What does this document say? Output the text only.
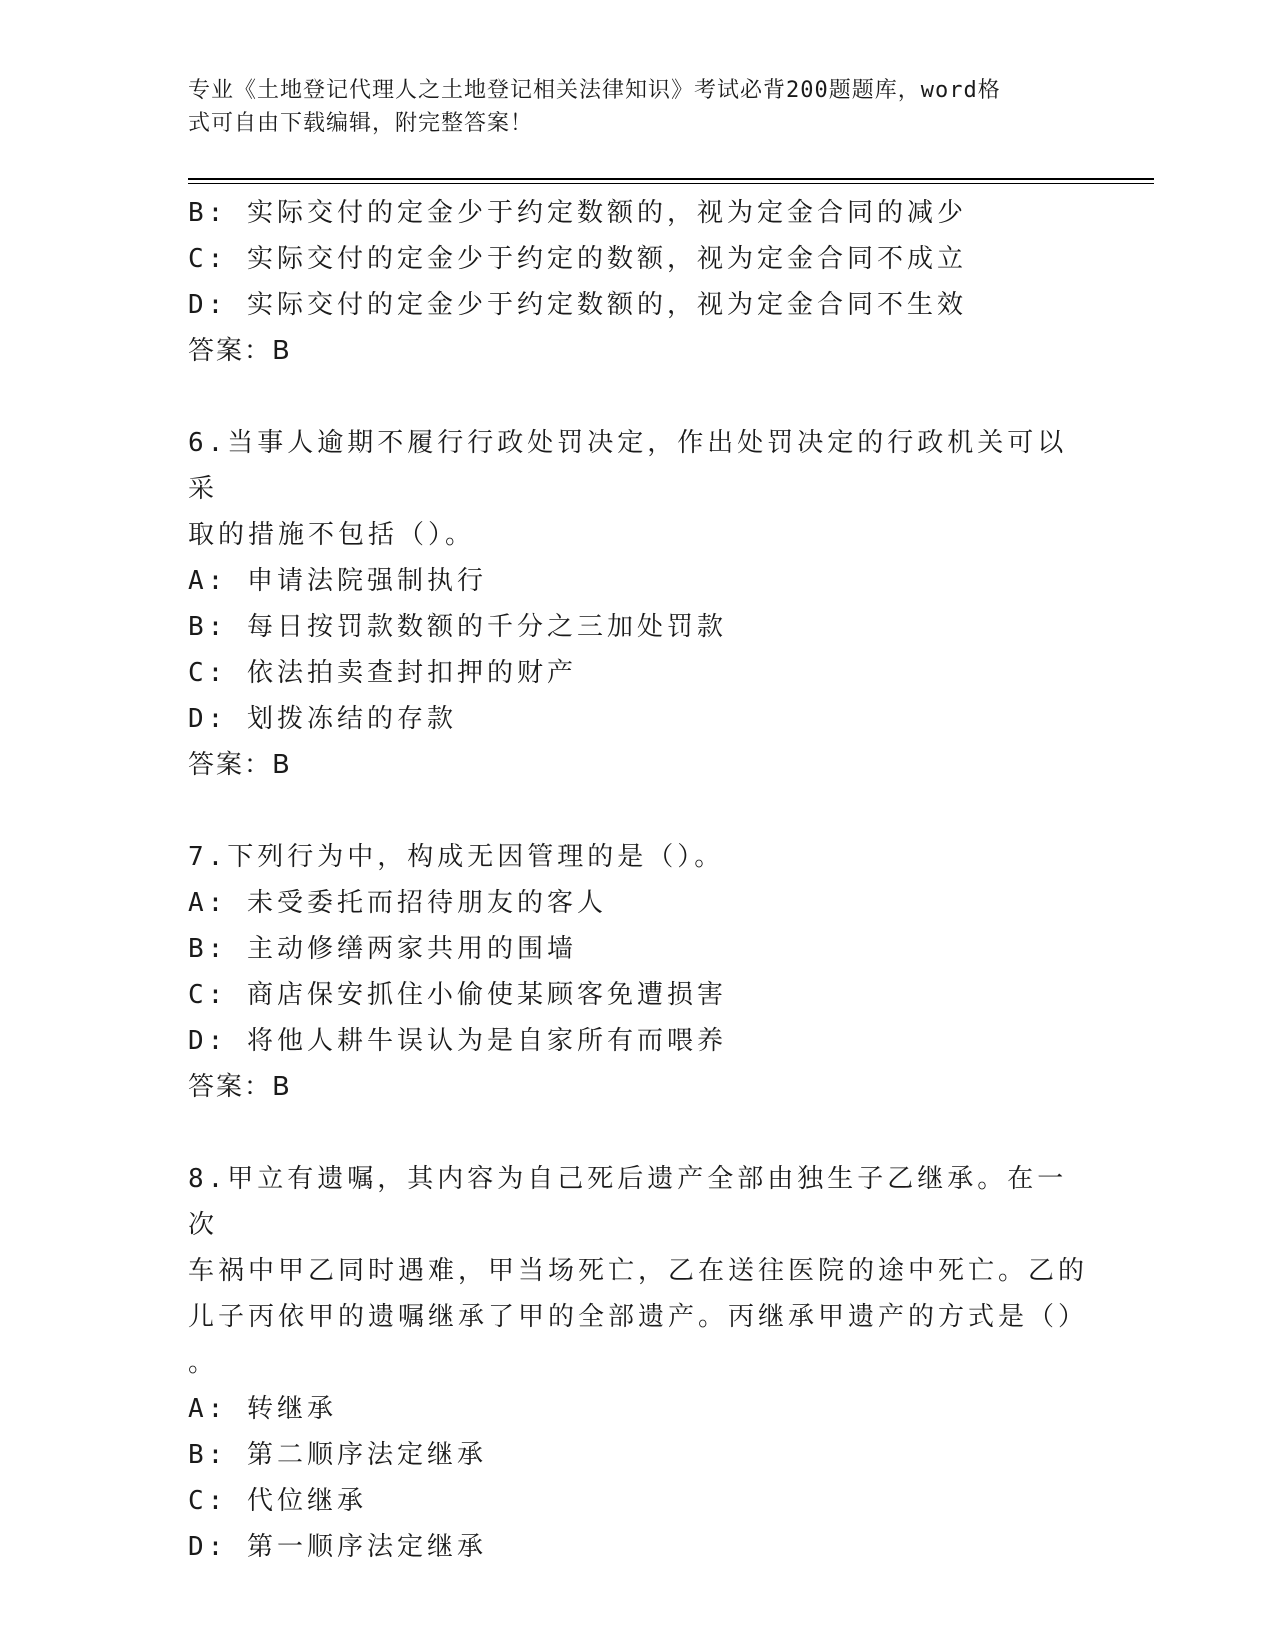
专业《土地登记代理人之土地登记相关法律知识》考试必背200题题库，word格
式可自由下载编辑，附完整答案！
B: 实际交付的定金少于约定数额的，视为定金合同的减少
C: 实际交付的定金少于约定的数额，视为定金合同不成立
D: 实际交付的定金少于约定数额的，视为定金合同不生效
答案：B
6.当事人逾期不履行行政处罚决定，作出处罚决定的行政机关可以采
取的措施不包括（）。
A: 申请法院强制执行
B: 每日按罚款数额的千分之三加处罚款
C: 依法拍卖查封扣押的财产
D: 划拨冻结的存款
答案：B
7.下列行为中，构成无因管理的是（）。
A: 未受委托而招待朋友的客人
B: 主动修缮两家共用的围墙
C: 商店保安抓住小偷使某顾客免遭损害
D: 将他人耕牛误认为是自家所有而喂养
答案：B
8.甲立有遗嘱，其内容为自己死后遗产全部由独生子乙继承。在一次
车祸中甲乙同时遇难，甲当场死亡，乙在送往医院的途中死亡。乙的
儿子丙依甲的遗嘱继承了甲的全部遗产。丙继承甲遗产的方式是（）
。
A: 转继承
B: 第二顺序法定继承
C: 代位继承
D: 第一顺序法定继承
